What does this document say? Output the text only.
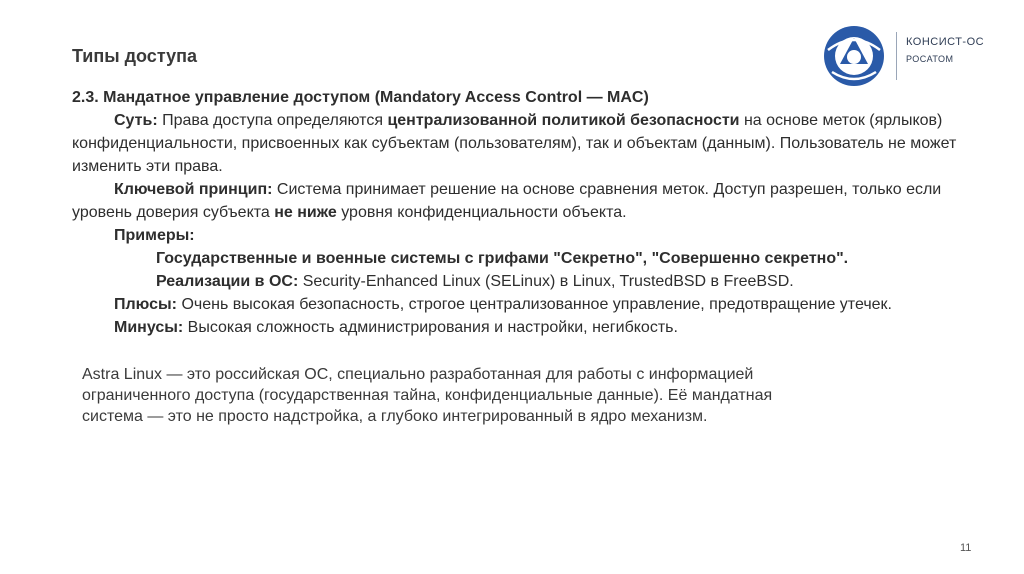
Типы доступа
КОНСИСТ-ОС
РОСАТОМ

2.3. Мандатное управление доступом (Mandatory Access Control — MAC)

Суть: Права доступа определяются централизованной политикой безопасности на основе меток (ярлыков) конфиденциальности, присвоенных как субъектам (пользователям), так и объектам (данным). Пользователь не может изменить эти права.

Ключевой принцип: Система принимает решение на основе сравнения меток. Доступ разрешен, только если уровень доверия субъекта не ниже уровня конфиденциальности объекта.

Примеры:

Государственные и военные системы с грифами "Секретно", "Совершенно секретно".

Реализации в ОС: Security-Enhanced Linux (SELinux) в Linux, TrustedBSD в FreeBSD.

Плюсы: Очень высокая безопасность, строгое централизованное управление, предотвращение утечек.

Минусы: Высокая сложность администрирования и настройки, негибкость.

Astra Linux — это российская ОС, специально разработанная для работы с информацией

ограниченного доступа (государственная тайна, конфиденциальные данные). Её мандатная

система — это не просто надстройка, а глубоко интегрированный в ядро механизм.

11
